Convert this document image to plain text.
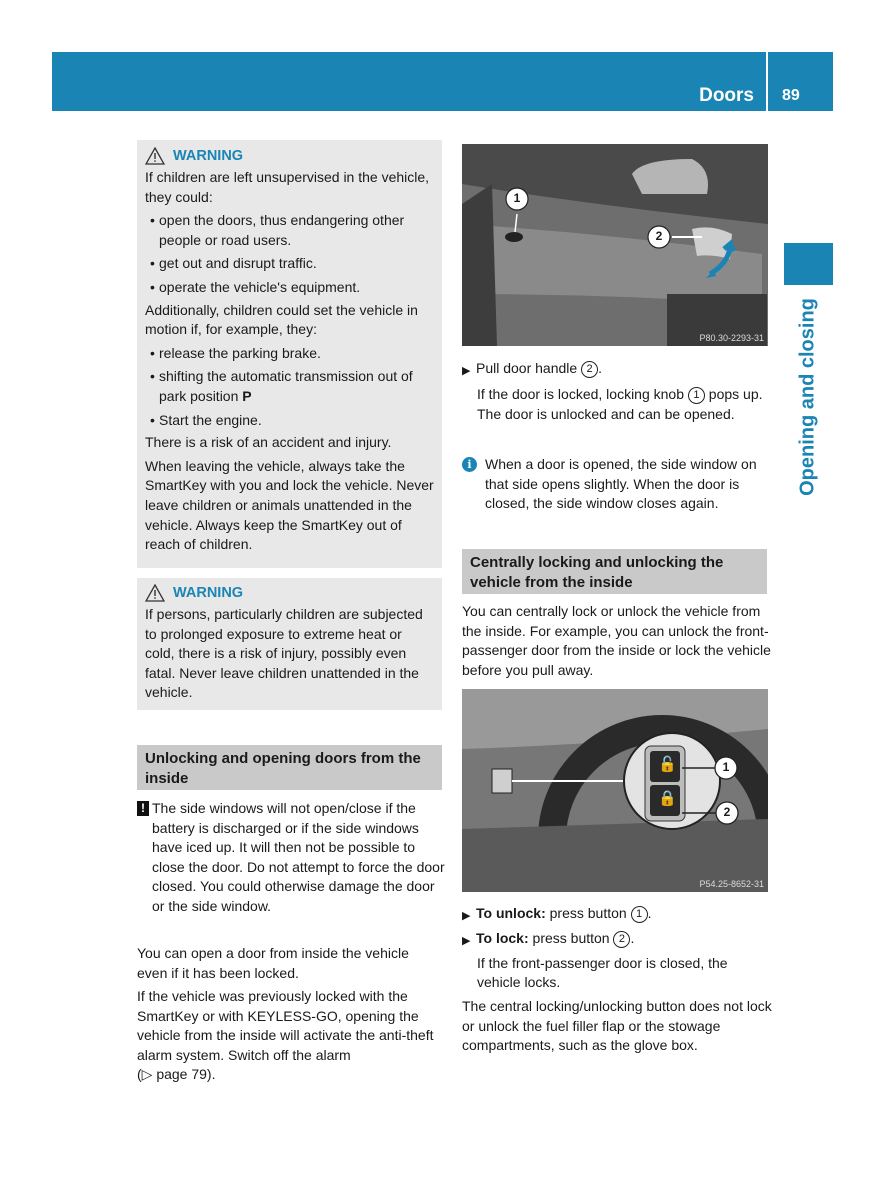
Doors 89
Opening and closing
WARNING

If children are left unsupervised in the vehicle, they could:

• open the doors, thus endangering other people or road users.

• get out and disrupt traffic.

• operate the vehicle's equipment.

Additionally, children could set the vehicle in motion if, for example, they:

• release the parking brake.

• shifting the automatic transmission out of park position P

• Start the engine.

There is a risk of an accident and injury.

When leaving the vehicle, always take the SmartKey with you and lock the vehicle. Never leave children or animals unattended in the vehicle. Always keep the SmartKey out of reach of children.

WARNING

If persons, particularly children are subjected to prolonged exposure to extreme heat or cold, there is a risk of injury, possibly even fatal. Never leave children unattended in the vehicle.

Unlocking and opening doors from the inside
! The side windows will not open/close if the battery is discharged or if the side windows have iced up. It will then not be possible to close the door. Do not attempt to force the door closed. You could otherwise damage the door or the side window.

You can open a door from inside the vehicle even if it has been locked.

If the vehicle was previously locked with the SmartKey or with KEYLESS-GO, opening the vehicle from the inside will activate the anti-theft alarm system. Switch off the alarm
(▷ page 79).

1
2
P80.30-2293-31
▶ Pull door handle 2 .
If the door is locked, locking knob 1 pops up. The door is unlocked and can be opened.
i When a door is opened, the side window on that side opens slightly. When the door is closed, the side window closes again.
Centrally locking and unlocking the vehicle from the inside

You can centrally lock or unlock the vehicle from the inside. For example, you can unlock the front-passenger door from the inside or lock the vehicle before you pull away.

🔓
🔒
1
2
P54.25-8652-31
▶ To unlock: press button 1 .
▶ To lock: press button 2 .
If the front-passenger door is closed, the vehicle locks.

The central locking/unlocking button does not lock or unlock the fuel filler flap or the stowage compartments, such as the glove box.
